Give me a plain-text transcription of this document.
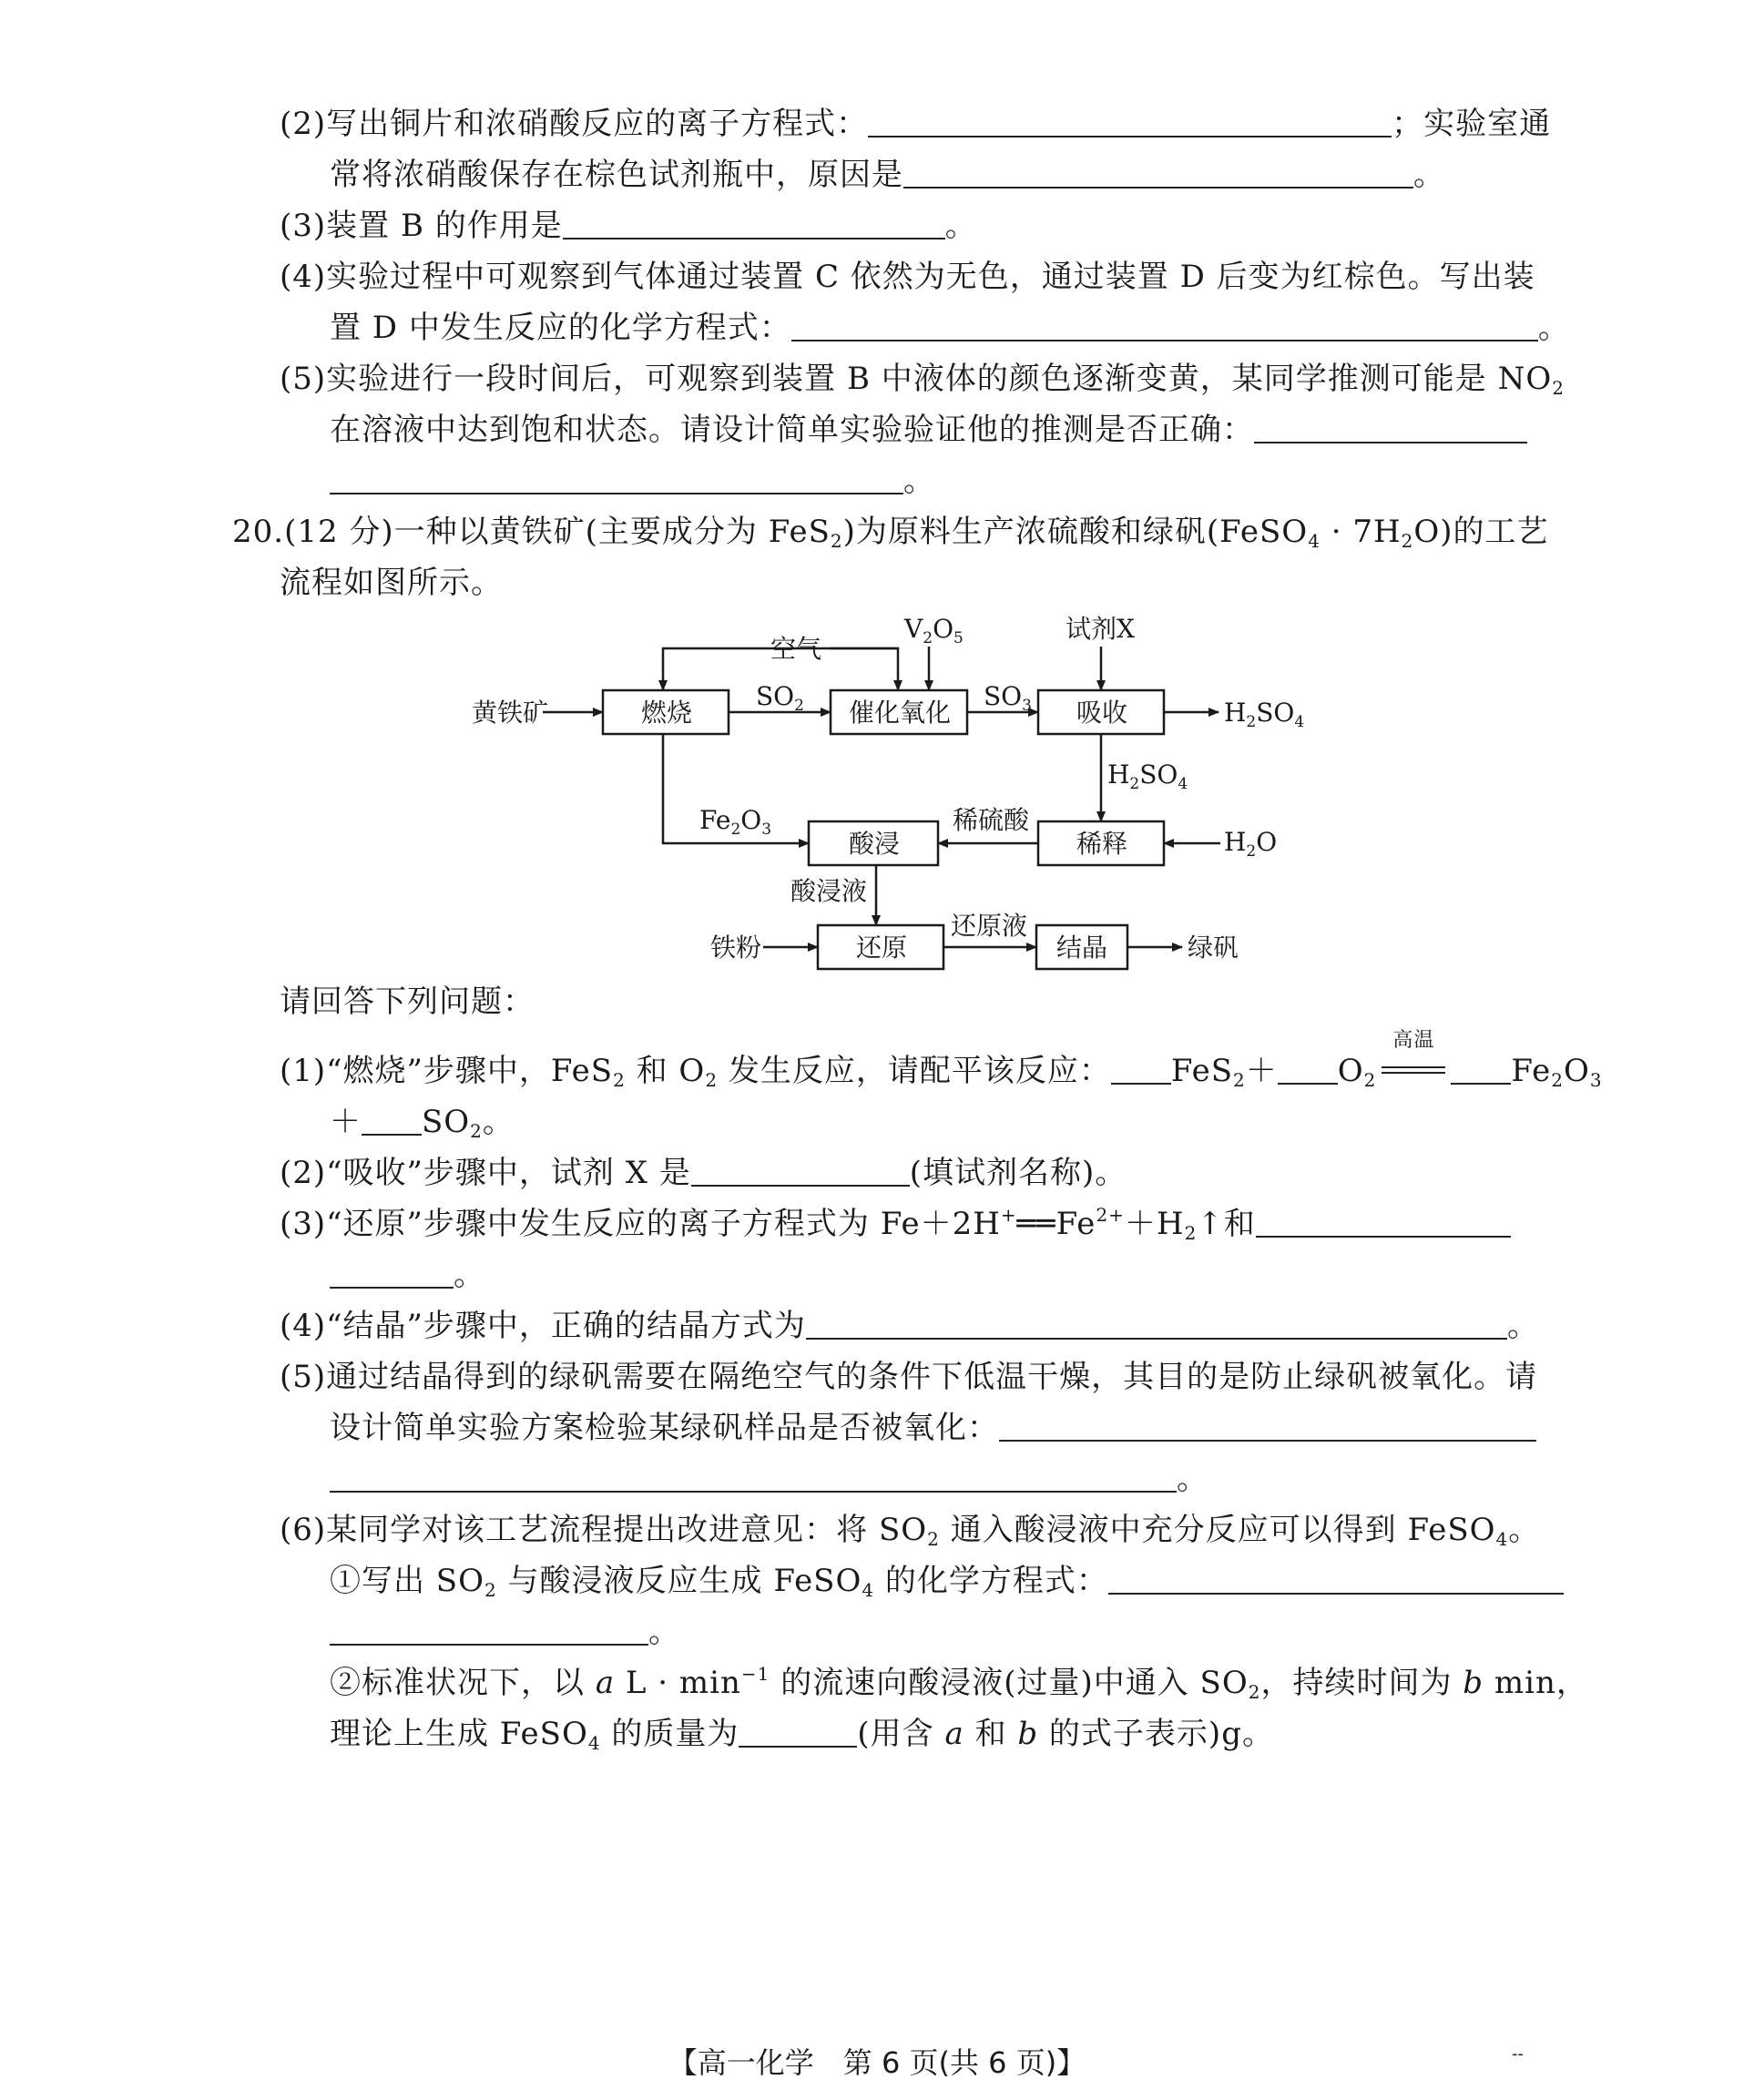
(2)写出铜片和浓硝酸反应的离子方程式：	；实验室通
常将浓硝酸保存在棕色试剂瓶中，原因是	。
(3)装置 B 的作用是	。
(4)实验过程中可观察到气体通过装置 C 依然为无色，通过装置 D 后变为红棕色。写出装
置 D 中发生反应的化学方程式：	。
(5)实验进行一段时间后，可观察到装置 B 中液体的颜色逐渐变黄，某同学推测可能是 $NO_2$
在溶液中达到饱和状态。请设计简单实验验证他的推测是否正确：
。
20.(12 分)一种以黄铁矿(主要成分为 FeS$_2$)为原料生产浓硫酸和绿矾(FeSO$_4$ · $7H_2O$)的工艺
流程如图所示。
黄铁矿	燃烧
空气
$V_2O_5$
$SO_2$ 催化氧化
$SO_3$
试剂X
吸收	$H_2SO_4$
$H_2SO_4$
$Fe_2O_3$	酸浸
稀硫酸
稀释	$H_2O$
酸浸液
铁粉	还原
还原液
结晶	绿矾
请回答下列问题：
(1)“燃烧”步骤中，FeS$_2$ 和 $O_2$ 发生反应，请配平该反应： $FeS_2+ O_2$
高温
$Fe_2O_3$
＋ $SO_2$。
(2)“吸收”步骤中，试剂 X 是	(填试剂名称)。
(3)“还原”步骤中发生反应的离子方程式为 $Fe+2H^+══Fe^{2+}+H_2↑$和
。
(4)“结晶”步骤中，正确的结晶方式为	。
(5)通过结晶得到的绿矾需要在隔绝空气的条件下低温干燥，其目的是防止绿矾被氧化。请
设计简单实验方案检验某绿矾样品是否被氧化：
。
(6)某同学对该工艺流程提出改进意见：将 $SO_2$ 通入酸浸液中充分反应可以得到 FeSO$_4$。
①写出 $SO_2$ 与酸浸液反应生成 FeSO$_4$ 的化学方程式：
。
②标准状况下，以 a $L \cdot \min^{-1}$ 的流速向酸浸液(过量)中通入 $SO_2$，持续时间为 b min，
理论上生成 FeSO$_4$ 的质量为	(用含 a 和 b 的式子表示)g。
【高一化学　第 6 页(共 6 页)】	--
